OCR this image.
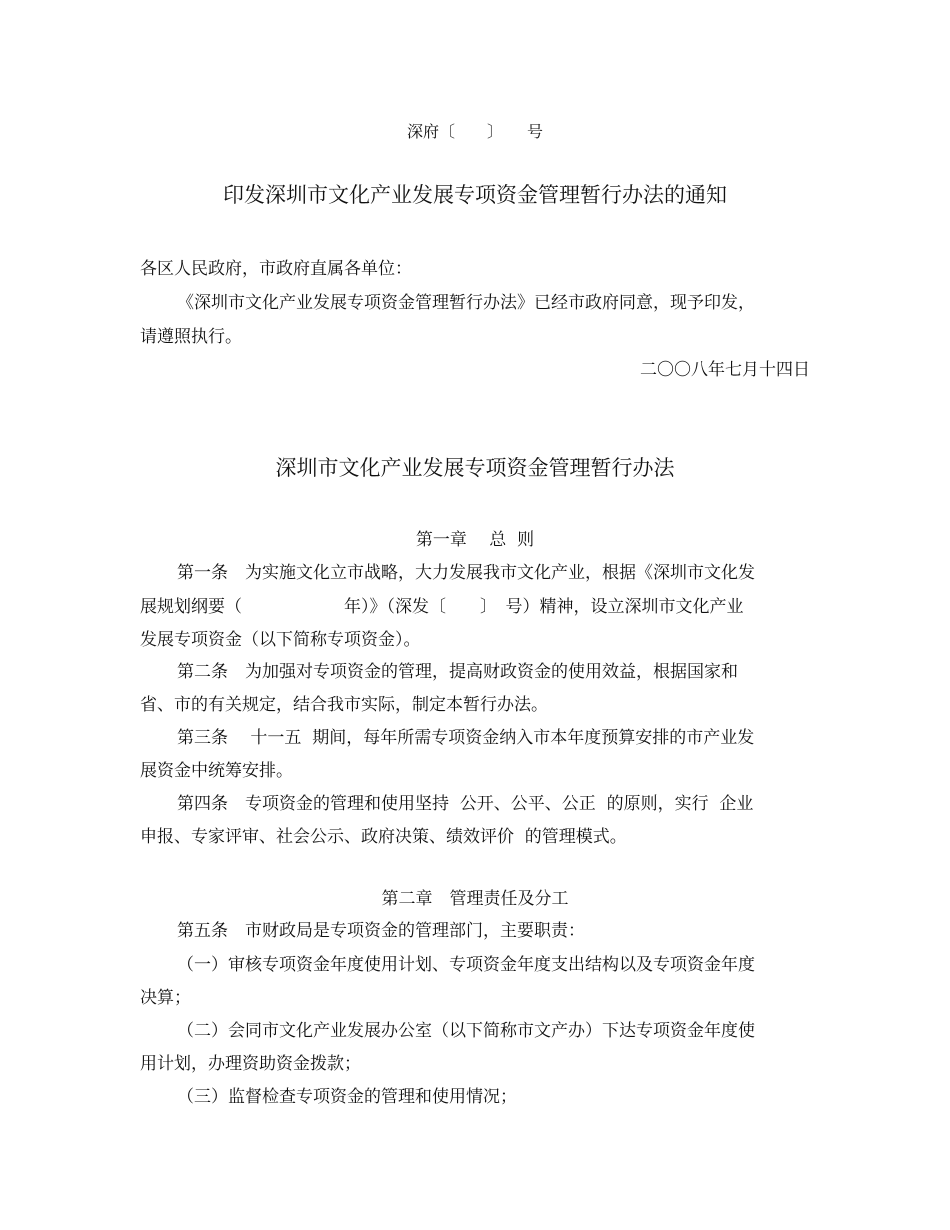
深府〔　　〕　　号
印发深圳市文化产业发展专项资金管理暂行办法的通知
各区人民政府，市政府直属各单位：
《深圳市文化产业发展专项资金管理暂行办法》已经市政府同意，现予印发，
请遵照执行。
二〇〇八年七月十四日
深圳市文化产业发展专项资金管理暂行办法
第一章　 总  则
第一条　为实施文化立市战略，大力发展我市文化产业，根据《深圳市文化发
展规划纲要（　　　　　　年）》（深发〔　　〕　号）精神，设立深圳市文化产业
发展专项资金（以下简称专项资金）。
第二条　为加强对专项资金的管理，提高财政资金的使用效益，根据国家和
省、市的有关规定，结合我市实际，制定本暂行办法。
第三条　 十一五  期间，每年所需专项资金纳入市本年度预算安排的市产业发
展资金中统筹安排。
第四条　专项资金的管理和使用坚持  公开、公平、公正  的原则，实行  企业
申报、专家评审、社会公示、政府决策、绩效评价  的管理模式。
第二章　管理责任及分工
第五条　市财政局是专项资金的管理部门，主要职责：
（一）审核专项资金年度使用计划、专项资金年度支出结构以及专项资金年度
决算；
（二）会同市文化产业发展办公室（以下简称市文产办）下达专项资金年度使
用计划，办理资助资金拨款；
（三）监督检查专项资金的管理和使用情况；
